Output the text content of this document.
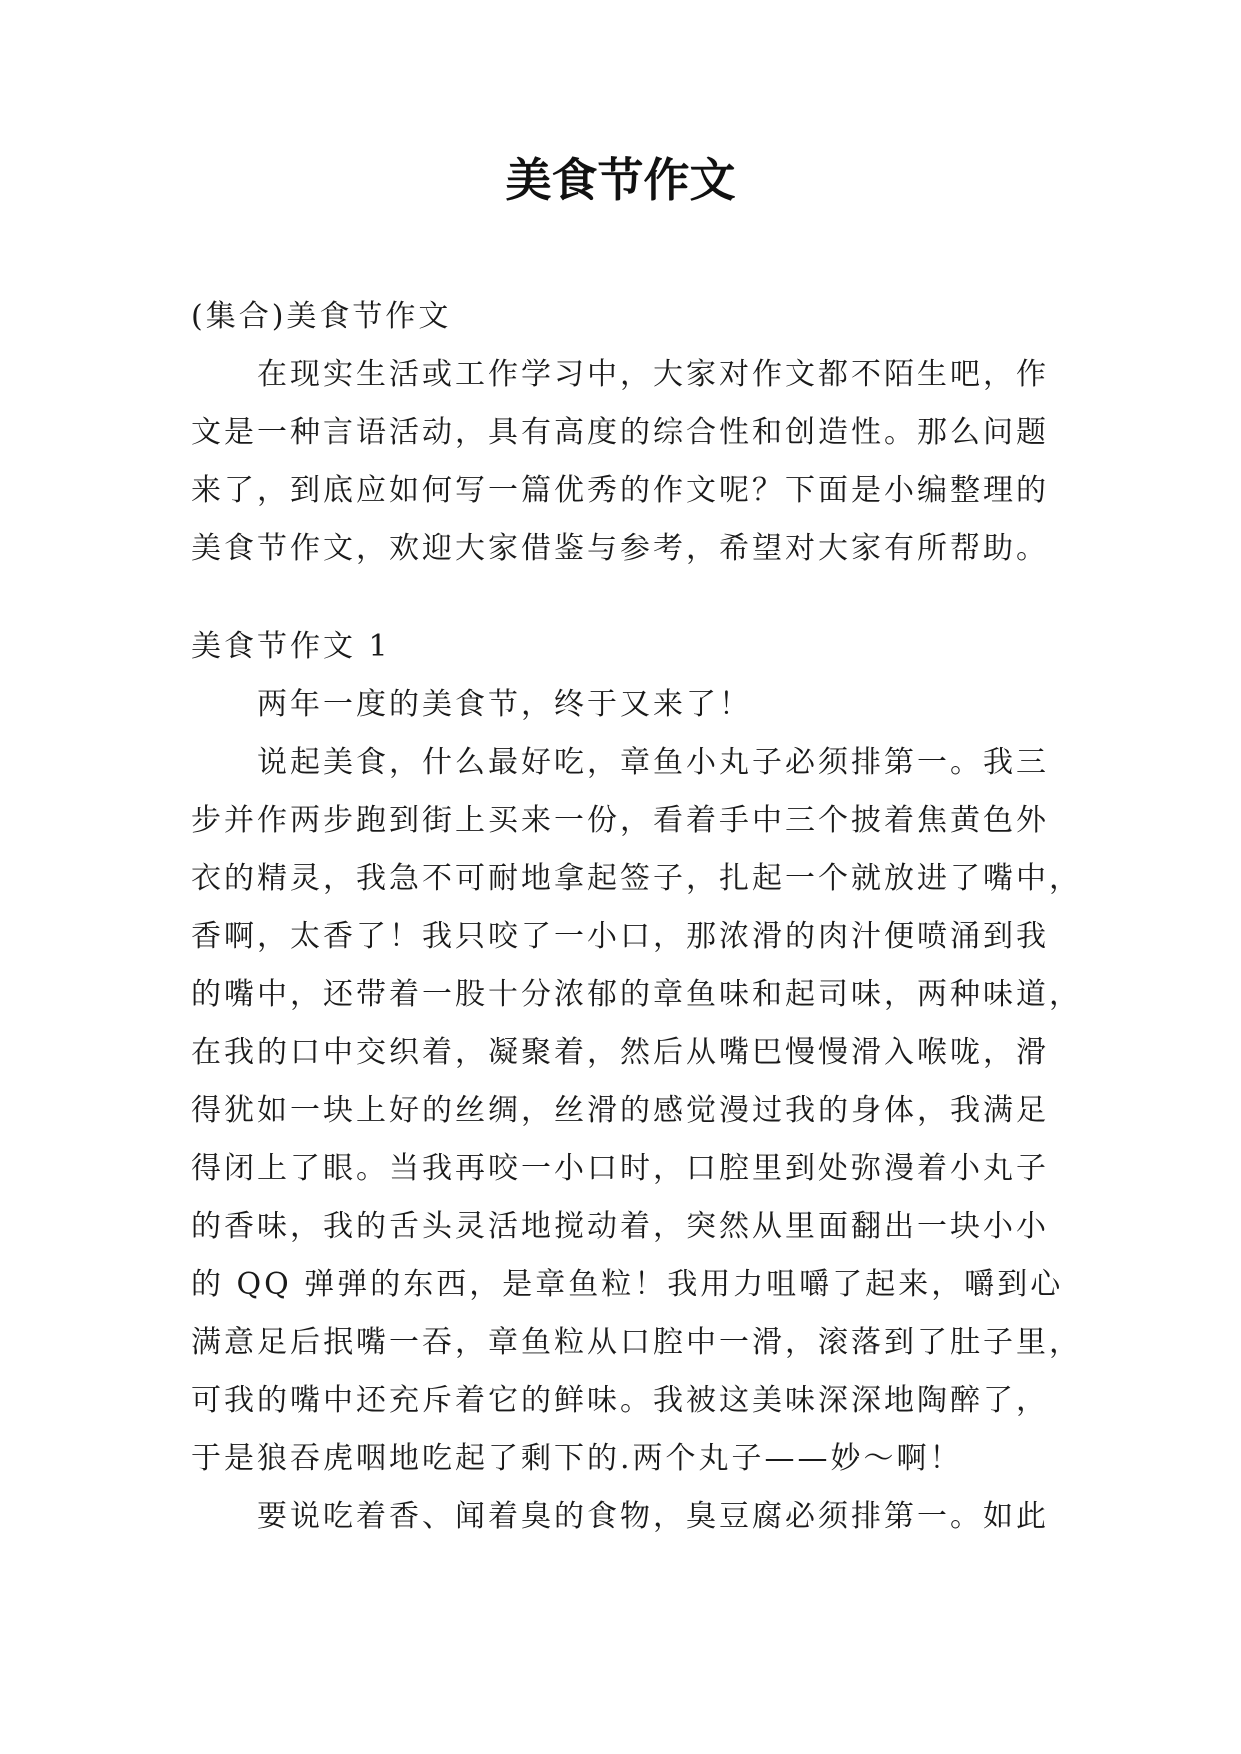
美食节作文
(集合)美食节作文
在现实生活或工作学习中，大家对作文都不陌生吧，作
文是一种言语活动，具有高度的综合性和创造性。那么问题
来了，到底应如何写一篇优秀的作文呢？下面是小编整理的
美食节作文，欢迎大家借鉴与参考，希望对大家有所帮助。
美食节作文 1
两年一度的美食节，终于又来了！
说起美食，什么最好吃，章鱼小丸子必须排第一。我三
步并作两步跑到街上买来一份，看着手中三个披着焦黄色外
衣的精灵，我急不可耐地拿起签子，扎起一个就放进了嘴中，
香啊，太香了！我只咬了一小口，那浓滑的肉汁便喷涌到我
的嘴中，还带着一股十分浓郁的章鱼味和起司味，两种味道，
在我的口中交织着，凝聚着，然后从嘴巴慢慢滑入喉咙，滑
得犹如一块上好的丝绸，丝滑的感觉漫过我的身体，我满足
得闭上了眼。当我再咬一小口时，口腔里到处弥漫着小丸子
的香味，我的舌头灵活地搅动着，突然从里面翻出一块小小
的 QQ 弹弹的东西，是章鱼粒！我用力咀嚼了起来，嚼到心
满意足后抿嘴一吞，章鱼粒从口腔中一滑，滚落到了肚子里，
可我的嘴中还充斥着它的鲜味。我被这美味深深地陶醉了，
于是狼吞虎咽地吃起了剩下的.两个丸子——妙～啊！
要说吃着香、闻着臭的食物，臭豆腐必须排第一。如此
